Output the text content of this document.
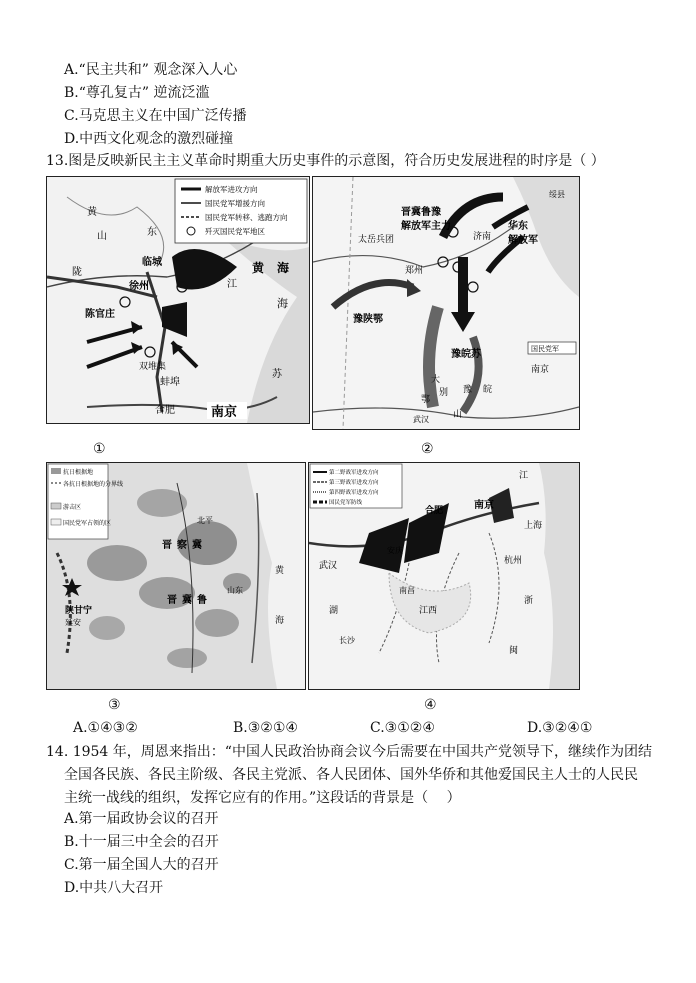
A.“民主共和” 观念深入人心
B.“尊孔复古” 逆流泛滥
C.马克思主义在中国广泛传播
D.中西文化观念的激烈碰撞
13.图是反映新民主主义革命时期重大历史事件的示意图，符合历史发展进程的时序是（ ）
解放军进攻方向
国民党军增援方向
国民党军转移、逃跑方向
歼灭国民党军地区
黄
山	东
海
陇
临城
徐州
陈官庄
双堆集
蚌埠
江
合肥	南京
黄
海
苏
晋冀鲁豫
解放军主力
太岳兵团	济南
华东
解放军
郑州
豫陕鄂
豫皖苏	国民党军
南京
武汉
大
别
山
皖
豫
鄂
绥县
①	②
抗日根据地
各抗日根据地的分界线
游击区
国民党军占领的区	北平
晋 察 冀
晋 冀 鲁
山东
陕甘宁
延安
黄
海
第二野战军进攻方向
第三野战军进攻方向
第四野战军进攻方向
国民党军防线
江
合肥	南京
上海
杭州
安庆
武汉
江西
南昌
长沙
湖
闽
浙
③	④
A.①④③②	B.③②①④	C.③①②④	D.③②④①
14. 1954 年，周恩来指出：“中国人民政治协商会议今后需要在中国共产党领导下，继续作为团结
全国各民族、各民主阶级、各民主党派、各人民团体、国外华侨和其他爱国民主人士的人民民
主统一战线的组织，发挥它应有的作用。”这段话的背景是（　 ）
A.第一届政协会议的召开
B.十一届三中全会的召开
C.第一届全国人大的召开
D.中共八大召开
